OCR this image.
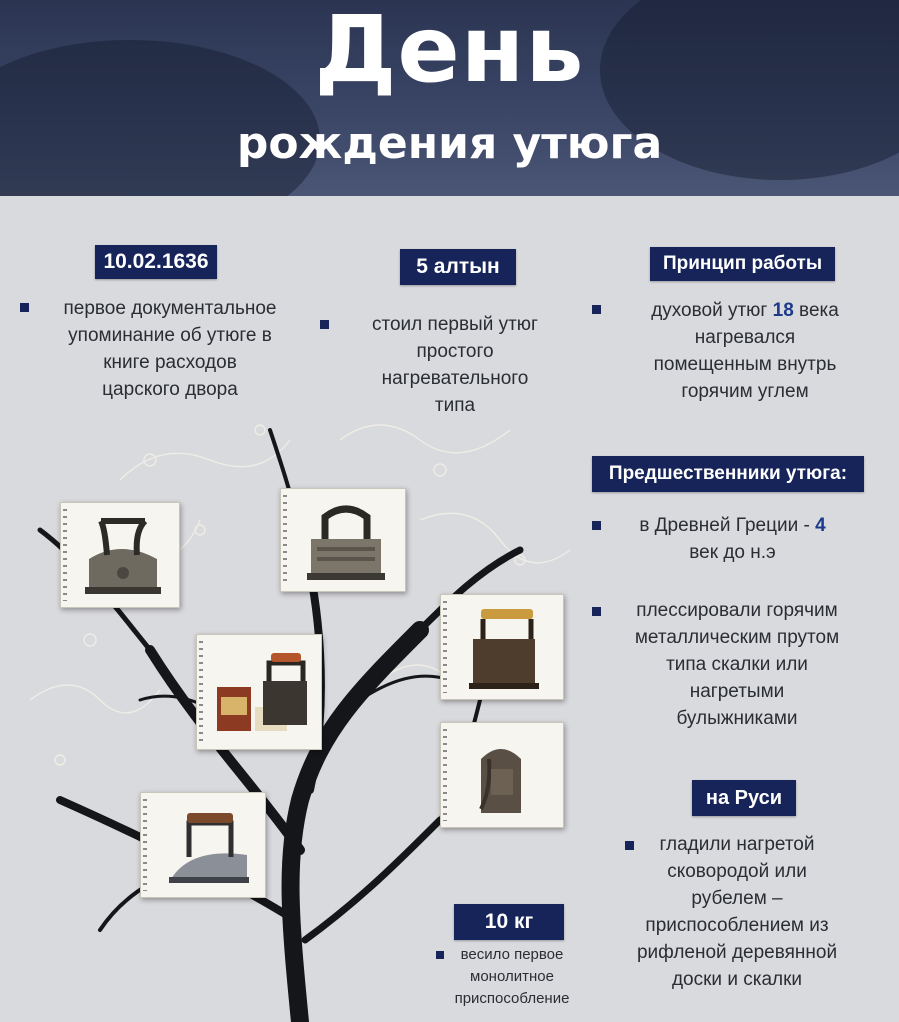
День
рождения утюга
10.02.1636
первое документальное
упоминание об утюге в
книге расходов
царского двора
5 алтын
стоил первый утюг
простого
нагревательного
типа
Принцип работы
духовой утюг 18 века
нагревался
помещенным внутрь
горячим углем
Предшественники утюга:
в Древней Греции - 4
век до н.э
плессировали горячим
металлическим прутом
типа скалки или
нагретыми
булыжниками
на Руси
гладили нагретой
сковородой или
рубелем –
приспособлением из
рифленой деревянной
доски и скалки
10 кг
весило первое
монолитное
приспособление
